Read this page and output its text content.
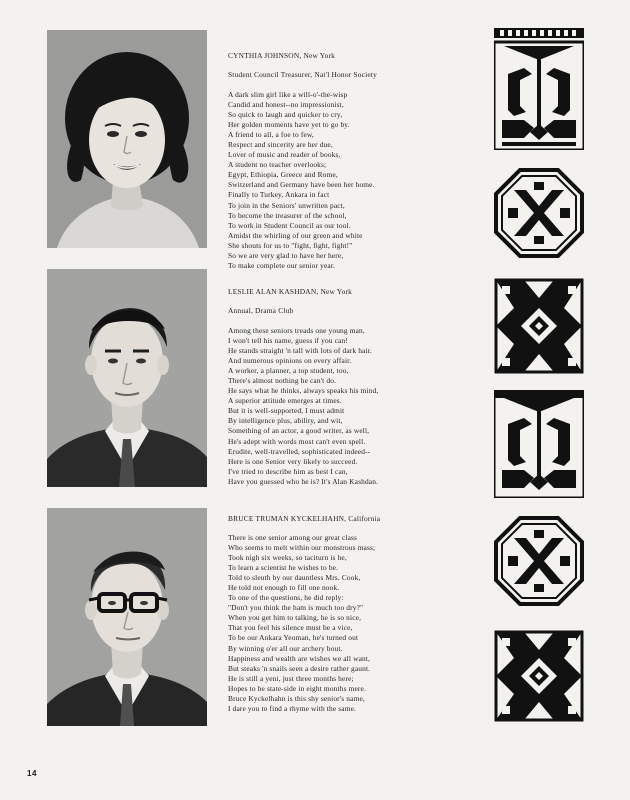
CYNTHIA JOHNSON, New York

Student Council Treasurer, Nat'l Honor Society

A dark slim girl like a will-o'-the-wisp
Candid and honest--no impressionist,
So quick to laugh and quicker to cry,
Her golden moments have yet to go by.
A friend to all, a foe to few,
Respect and sincerity are her due,
Lover of music and reader of books,
A student no teacher overlooks;
Egypt, Ethiopia, Greece and Rome,
Switzerland and Germany have been her home.
Finally to Turkey, Ankara in fact
To join in the Seniors' unwritten pact,
To become the treasurer of the school,
To work in Student Council as our tool.
Amidst the whirling of our green and white
She shouts for us to "fight, fight, fight!"
So we are very glad to have her here,
To make complete our senior year.

LESLIE ALAN KASHDAN, New York

Annual, Drama Club

Among these seniors treads one young man,
I won't tell his name, guess if you can!
He stands straight 'n tall with lots of dark hair.
And numerous opinions on every affair.
A worker, a planner, a top student, too,
There's almost nothing he can't do.
He says what he thinks, always speaks his mind,
A superior attitude emerges at times.
But it is well-supported, I must admit
By intelligence plus, ability, and wit,
Something of an actor, a good writer, as well,
He's adept with words most can't even spell.
Erudite, well-travelled, sophisticated indeed--
Here is one Senior very likely to succeed.
I've tried to describe him as best I can,
Have you guessed who he is? It's Alan Kashdan.

BRUCE TRUMAN KYCKELHAHN, California

There is one senior among our great class
Who seems to melt within our monstrous mass;
Took nigh six weeks, so taciturn is he,
To learn a scientist he wishes to be.
Told to sleuth by our dauntless Mrs. Cook,
He told not enough to fill one nook.
To one of the questions, he did reply:
"Don't you think the ham is much too dry?"
When you get him to talking, he is so nice,
That you feel his silence must be a vice,
To be our Ankara Yeoman, he's turned out
By winning o'er all our archery bout.
Happiness and wealth are wishes we all want,
But steaks 'n snails seen a desire rather gaunt.
He is still a yeni, just three months here;
Hopes to be state-side in eight months mere.
Bruce Kyckelhahn is this shy senior's name,
I dare you to find a rhyme with the same.
14
